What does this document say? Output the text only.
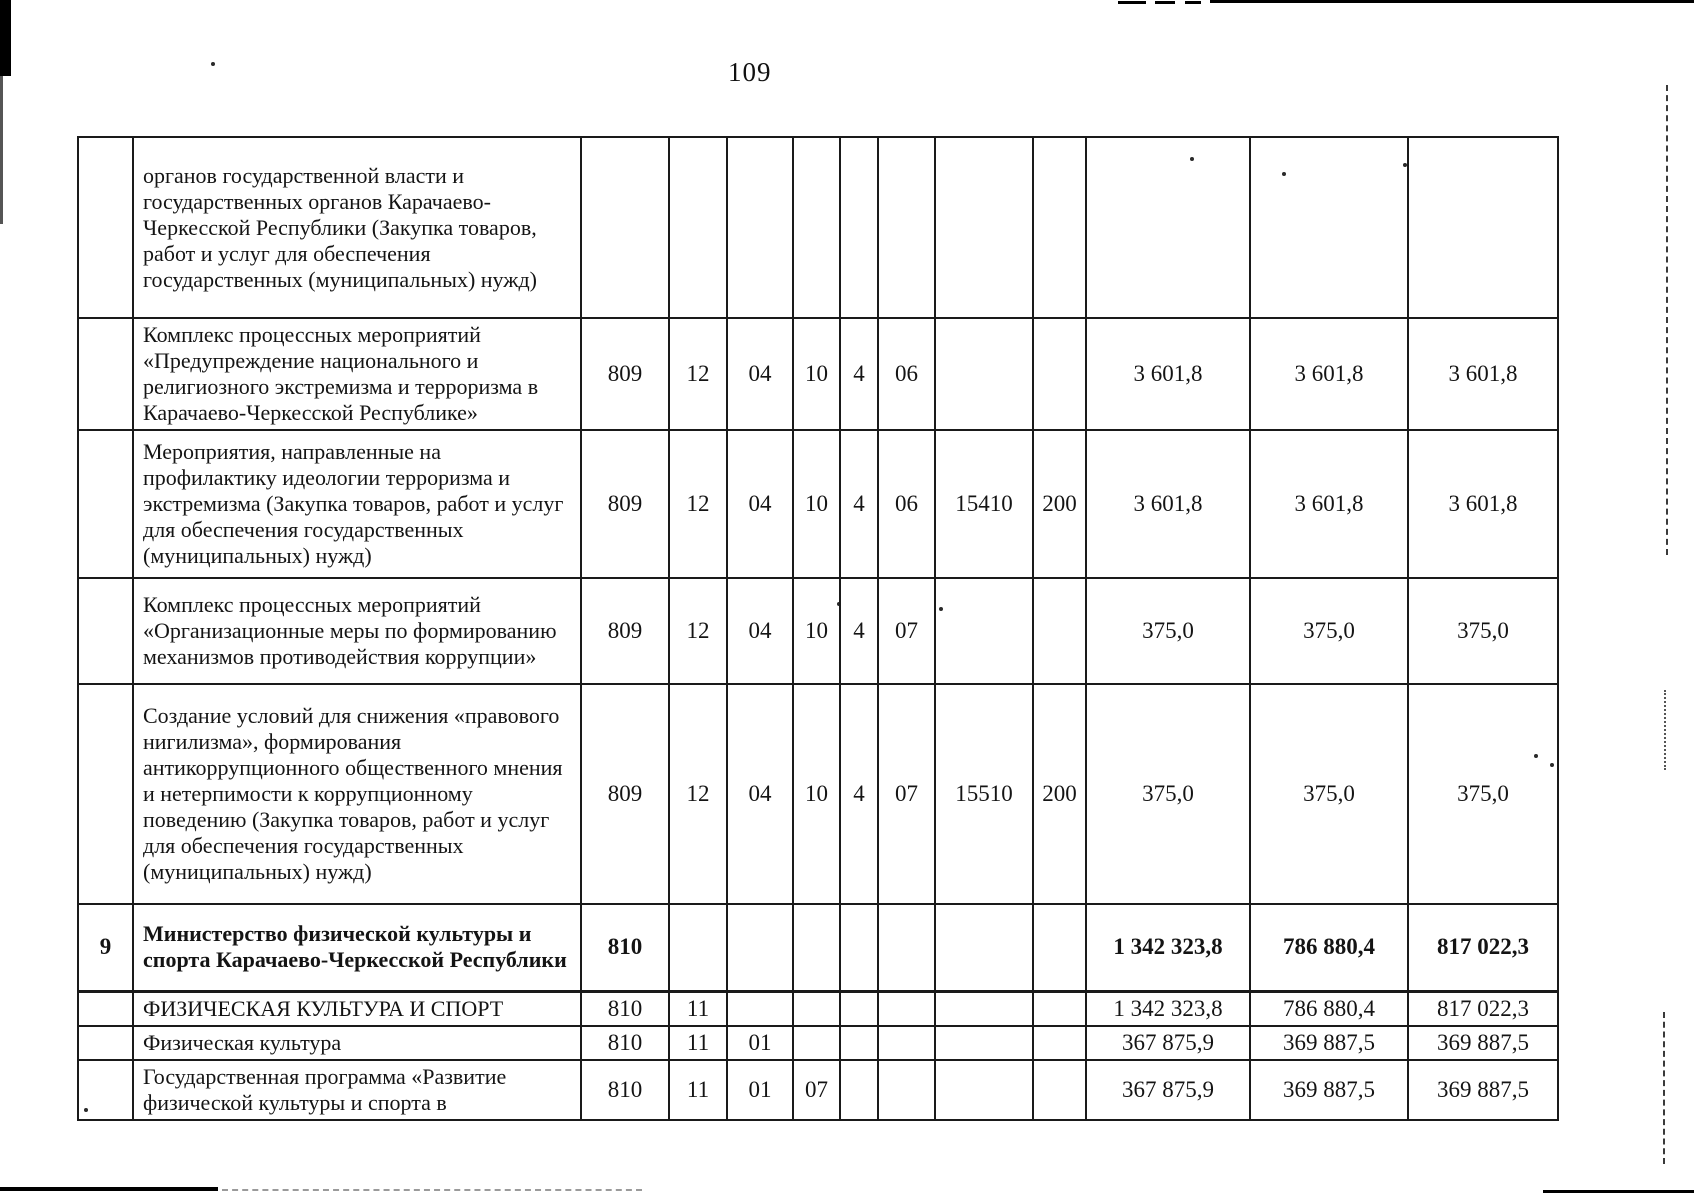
109
	органов государственной власти и государственных органов Карачаево-Черкесской Республики (Закупка товаров, работ и услуг для обеспечения государственных (муниципальных) нужд)											
	Комплекс процессных мероприятий «Предупреждение национального и религиозного экстремизма и терроризма в Карачаево-Черкесской Республике»	809	12	04	10	4	06			3 601,8	3 601,8	3 601,8
	Мероприятия, направленные на профилактику идеологии терроризма и экстремизма (Закупка товаров, работ и услуг для обеспечения государственных (муниципальных) нужд)	809	12	04	10	4	06	15410	200	3 601,8	3 601,8	3 601,8
	Комплекс процессных мероприятий «Организационные меры по формированию механизмов противодействия коррупции»	809	12	04	10	4	07			375,0	375,0	375,0
	Создание условий для снижения «правового нигилизма», формирования антикоррупционного общественного мнения и нетерпимости к коррупционному поведению (Закупка товаров, работ и услуг для обеспечения государственных (муниципальных) нужд)	809	12	04	10	4	07	15510	200	375,0	375,0	375,0
9	Министерство физической культуры и спорта Карачаево-Черкесской Республики	810								1 342 323,8	786 880,4	817 022,3
	ФИЗИЧЕСКАЯ КУЛЬТУРА И СПОРТ	810	11							1 342 323,8	786 880,4	817 022,3
	Физическая культура	810	11	01						367 875,9	369 887,5	369 887,5
	Государственная программа «Развитие физической культуры и спорта в	810	11	01	07					367 875,9	369 887,5	369 887,5
